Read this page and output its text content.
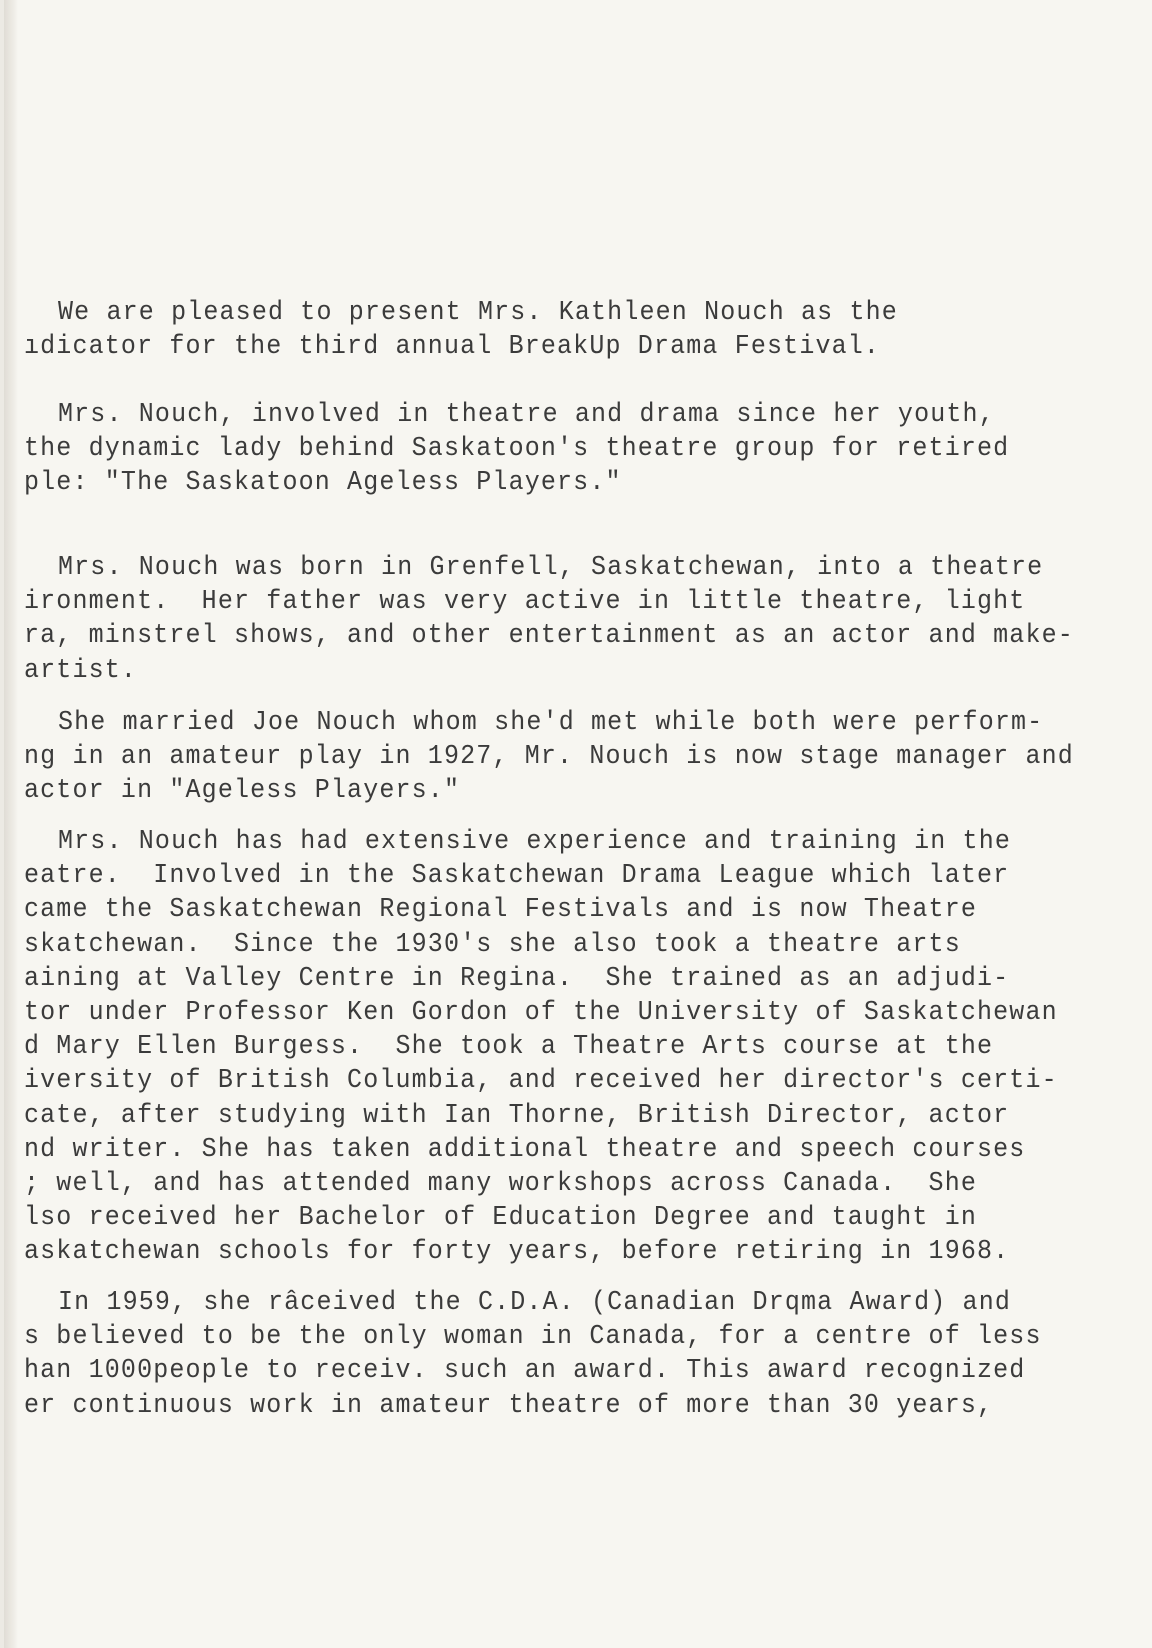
We are pleased to present Mrs. Kathleen Nouch as the
ıdicator for the third annual BreakUp Drama Festival.
Mrs. Nouch, involved in theatre and drama since her youth,
the dynamic lady behind Saskatoon's theatre group for retired
ple: "The Saskatoon Ageless Players."
Mrs. Nouch was born in Grenfell, Saskatchewan, into a theatre
ironment.  Her father was very active in little theatre, light
ra, minstrel shows, and other entertainment as an actor and make-
artist.
She married Joe Nouch whom she'd met while both were perform-
ng in an amateur play in 1927, Mr. Nouch is now stage manager and
actor in "Ageless Players."
Mrs. Nouch has had extensive experience and training in the
eatre.  Involved in the Saskatchewan Drama League which later
came the Saskatchewan Regional Festivals and is now Theatre
skatchewan.  Since the 1930's she also took a theatre arts
aining at Valley Centre in Regina.  She trained as an adjudi-
tor under Professor Ken Gordon of the University of Saskatchewan
d Mary Ellen Burgess.  She took a Theatre Arts course at the
iversity of British Columbia, and received her director's certi-
cate, after studying with Ian Thorne, British Director, actor
nd writer. She has taken additional theatre and speech courses
; well, and has attended many workshops across Canada.  She
lso received her Bachelor of Education Degree and taught in
askatchewan schools for forty years, before retiring in 1968.
In 1959, she râceived the C.D.A. (Canadian Drqma Award) and
s believed to be the only woman in Canada, for a centre of less
han 1000people to receiv. such an award. This award recognized
er continuous work in amateur theatre of more than 30 years,
